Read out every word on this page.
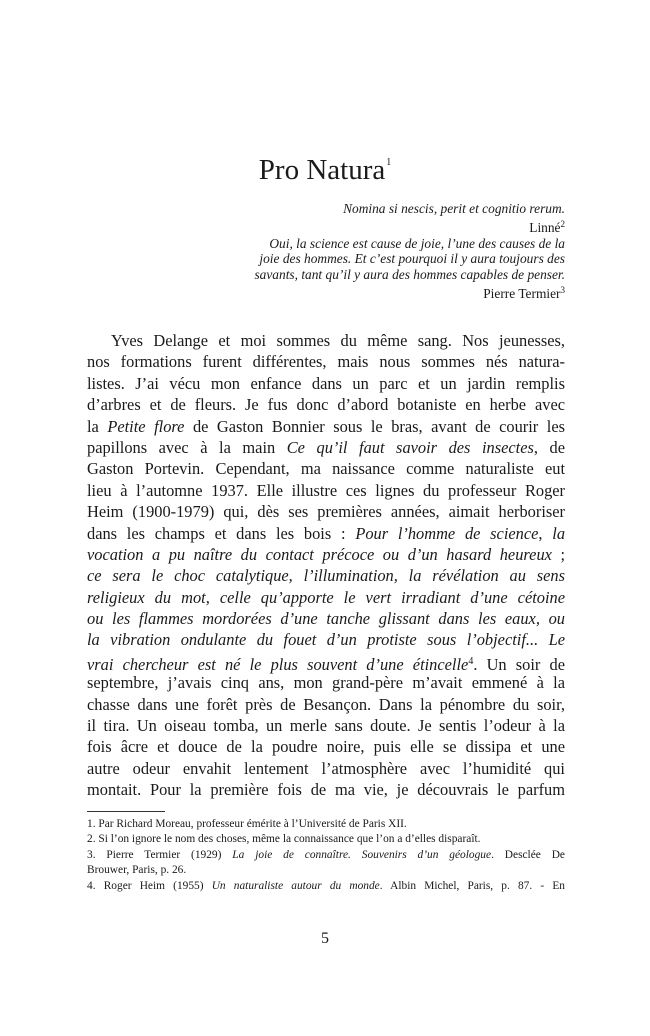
Pro Natura$^1$
Nomina si nescis, perit et cognitio rerum.
Linné$^2$
Oui, la science est cause de joie, l’une des causes de la
joie des hommes. Et c’est pourquoi il y aura toujours des
savants, tant qu’il y aura des hommes capables de penser.
Pierre Termier$^3$
Yves Delange et moi sommes du même sang. Nos jeunesses,
nos formations furent différentes, mais nous sommes nés natura-
listes. J’ai vécu mon enfance dans un parc et un jardin remplis
d’arbres et de fleurs. Je fus donc d’abord botaniste en herbe avec
la Petite flore de Gaston Bonnier sous le bras, avant de courir les
papillons avec à la main Ce qu’il faut savoir des insectes, de
Gaston Portevin. Cependant, ma naissance comme naturaliste eut
lieu à l’automne 1937. Elle illustre ces lignes du professeur Roger
Heim (1900-1979) qui, dès ses premières années, aimait herboriser
dans les champs et dans les bois : Pour l’homme de science, la
vocation a pu naître du contact précoce ou d’un hasard heureux ;
ce sera le choc catalytique, l’illumination, la révélation au sens
religieux du mot, celle qu’apporte le vert irradiant d’une cétoine
ou les flammes mordorées d’une tanche glissant dans les eaux, ou
la vibration ondulante du fouet d’un protiste sous l’objectif... Le
vrai chercheur est né le plus souvent d’une étincelle$^4$. Un soir de
septembre, j’avais cinq ans, mon grand-père m’avait emmené à la
chasse dans une forêt près de Besançon. Dans la pénombre du soir,
il tira. Un oiseau tomba, un merle sans doute. Je sentis l’odeur à la
fois âcre et douce de la poudre noire, puis elle se dissipa et une
autre odeur envahit lentement l’atmosphère avec l’humidité qui
montait. Pour la première fois de ma vie, je découvrais le parfum
1. Par Richard Moreau, professeur émérite à l’Université de Paris XII.
2. Si l’on ignore le nom des choses, même la connaissance que l’on a d’elles disparaît.
3. Pierre Termier (1929) La joie de connaître. Souvenirs d’un géologue. Desclée De
Brouwer, Paris, p. 26.
4. Roger Heim (1955) Un naturaliste autour du monde. Albin Michel, Paris, p. 87. - En
5
